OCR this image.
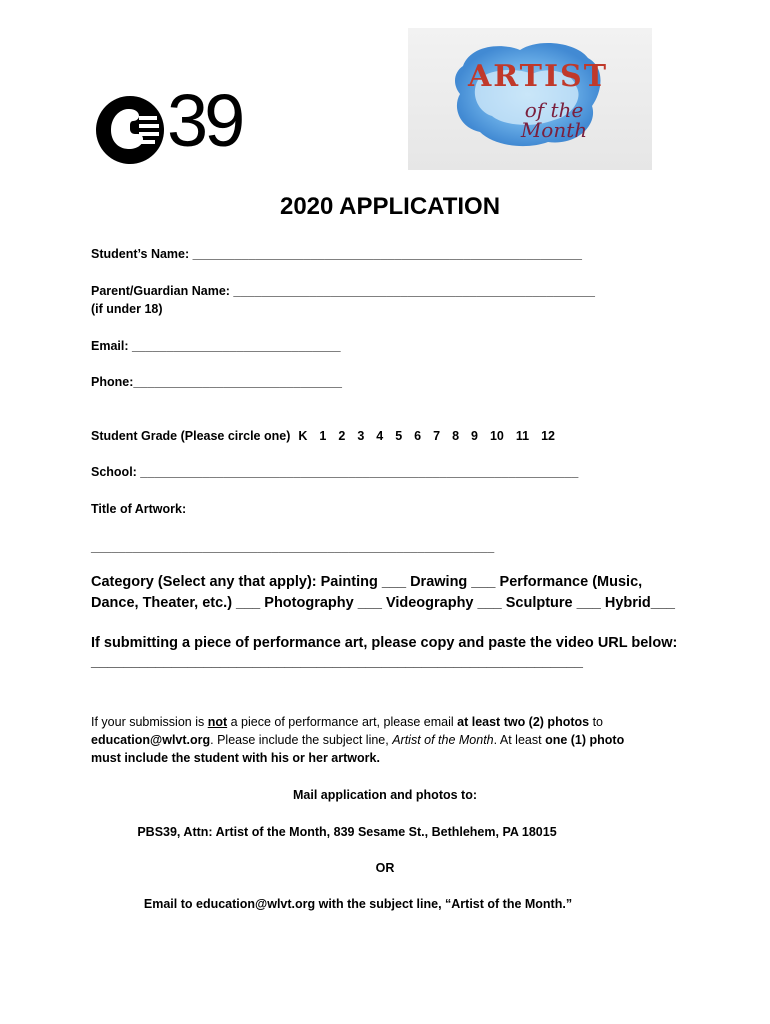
39
ARTIST
of the Month
2020 APPLICATION
Student’s Name: ________________________________________________________
Parent/Guardian Name: ____________________________________________________
(if under 18)
Email: ______________________________
Phone:______________________________
Student Grade (Please circle one) K 1 2 3 4 5 6 7 8 9 10 11 12
School: _______________________________________________________________
Title of Artwork:
__________________________________________________________
Category (Select any that apply): Painting ___ Drawing ___ Performance (Music,
Dance, Theater, etc.) ___ Photography ___ Videography ___ Sculpture ___ Hybrid___
If submitting a piece of performance art, please copy and paste the video URL below:
_____________________________________________________________
If your submission is not a piece of performance art, please email at least two (2) photos to education@wlvt.org. Please include the subject line, Artist of the Month. At least one (1) photo must include the student with his or her artwork.
Mail application and photos to:
PBS39, Attn: Artist of the Month, 839 Sesame St., Bethlehem, PA 18015
OR
Email to education@wlvt.org with the subject line, “Artist of the Month.”
